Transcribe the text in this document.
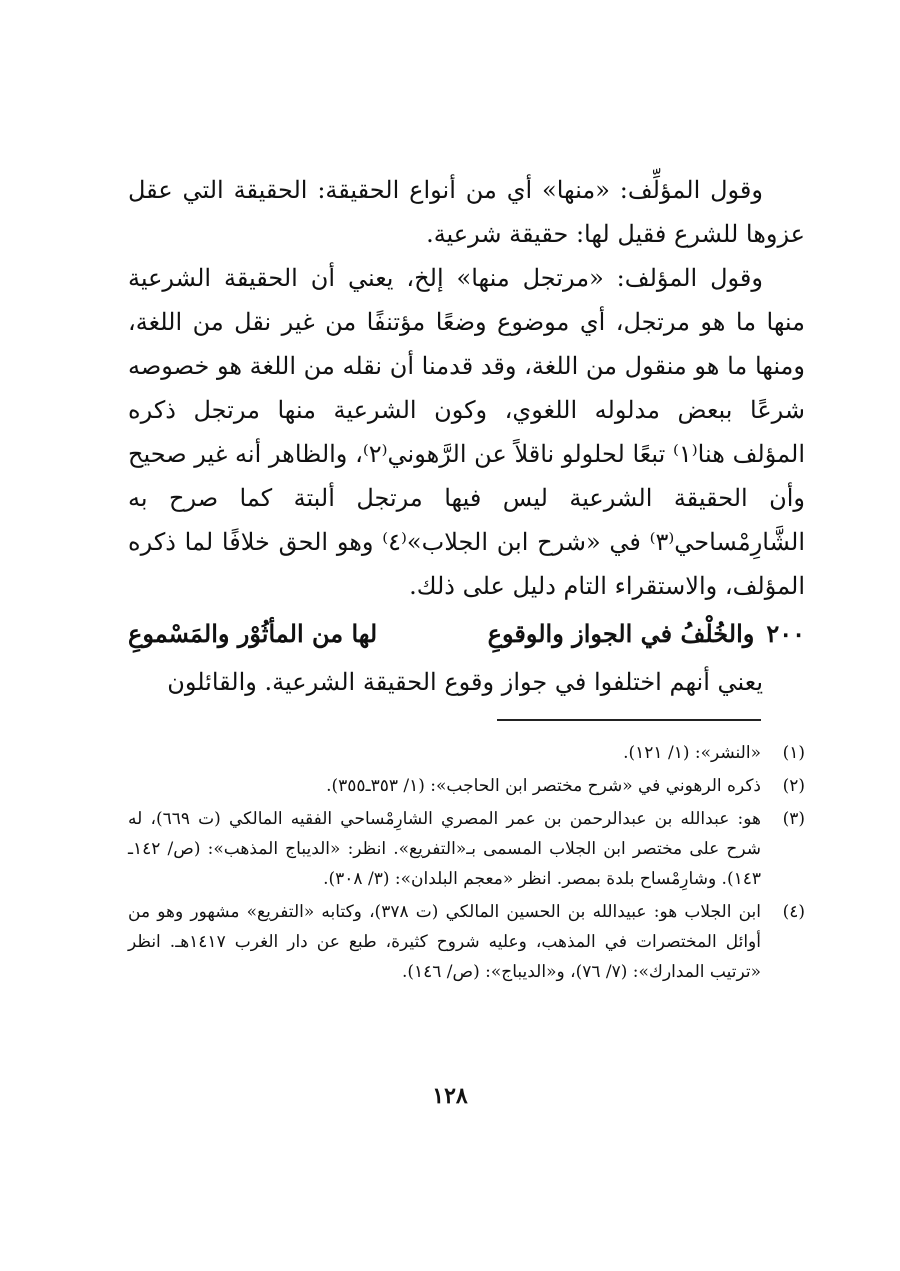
وقول المؤلِّف: «منها» أي من أنواع الحقيقة: الحقيقة التي عقل عزوها للشرع فقيل لها: حقيقة شرعية.

وقول المؤلف: «مرتجل منها» إلخ، يعني أن الحقيقة الشرعية منها ما هو مرتجل، أي موضوع وضعًا مؤتنفًا من غير نقل من اللغة، ومنها ما هو منقول من اللغة، وقد قدمنا أن نقله من اللغة هو خصوصه شرعًا ببعض مدلوله اللغوي، وكون الشرعية منها مرتجل ذكره المؤلف هنا⁽١⁾ تبعًا لحلولو ناقلاً عن الرَّهوني⁽٢⁾، والظاهر أنه غير صحيح وأن الحقيقة الشرعية ليس فيها مرتجل ألبتة كما صرح به الشَّارِمْساحي⁽٣⁾ في «شرح ابن الجلاب»⁽٤⁾ وهو الحق خلافًا لما ذكره المؤلف، والاستقراء التام دليل على ذلك.

٢٠٠
والخُلْفُ في الجواز والوقوعِ
لها من المأثُوْر والمَسْموعِ

يعني أنهم اختلفوا في جواز وقوع الحقيقة الشرعية. والقائلون

(١)
«النشر»: (١/ ١٢١).
(٢)
ذكره الرهوني في «شرح مختصر ابن الحاجب»: (١/ ٣٥٣ـ٣٥٥).
(٣)
هو: عبدالله بن عبدالرحمن بن عمر المصري الشارِمْساحي الفقيه المالكي (ت ٦٦٩)، له شرح على مختصر ابن الجلاب المسمى بـ«التفريع». انظر: «الديباج المذهب»: (ص/ ١٤٢ـ ١٤٣). وشارِمْساح بلدة بمصر. انظر «معجم البلدان»: (٣/ ٣٠٨).
(٤)
ابن الجلاب هو: عبيدالله بن الحسين المالكي (ت ٣٧٨)، وكتابه «التفريع» مشهور وهو من أوائل المختصرات في المذهب، وعليه شروح كثيرة، طبع عن دار الغرب ١٤١٧هـ. انظر «ترتيب المدارك»: (٧/ ٧٦)، و«الديباج»: (ص/ ١٤٦).
١٢٨
